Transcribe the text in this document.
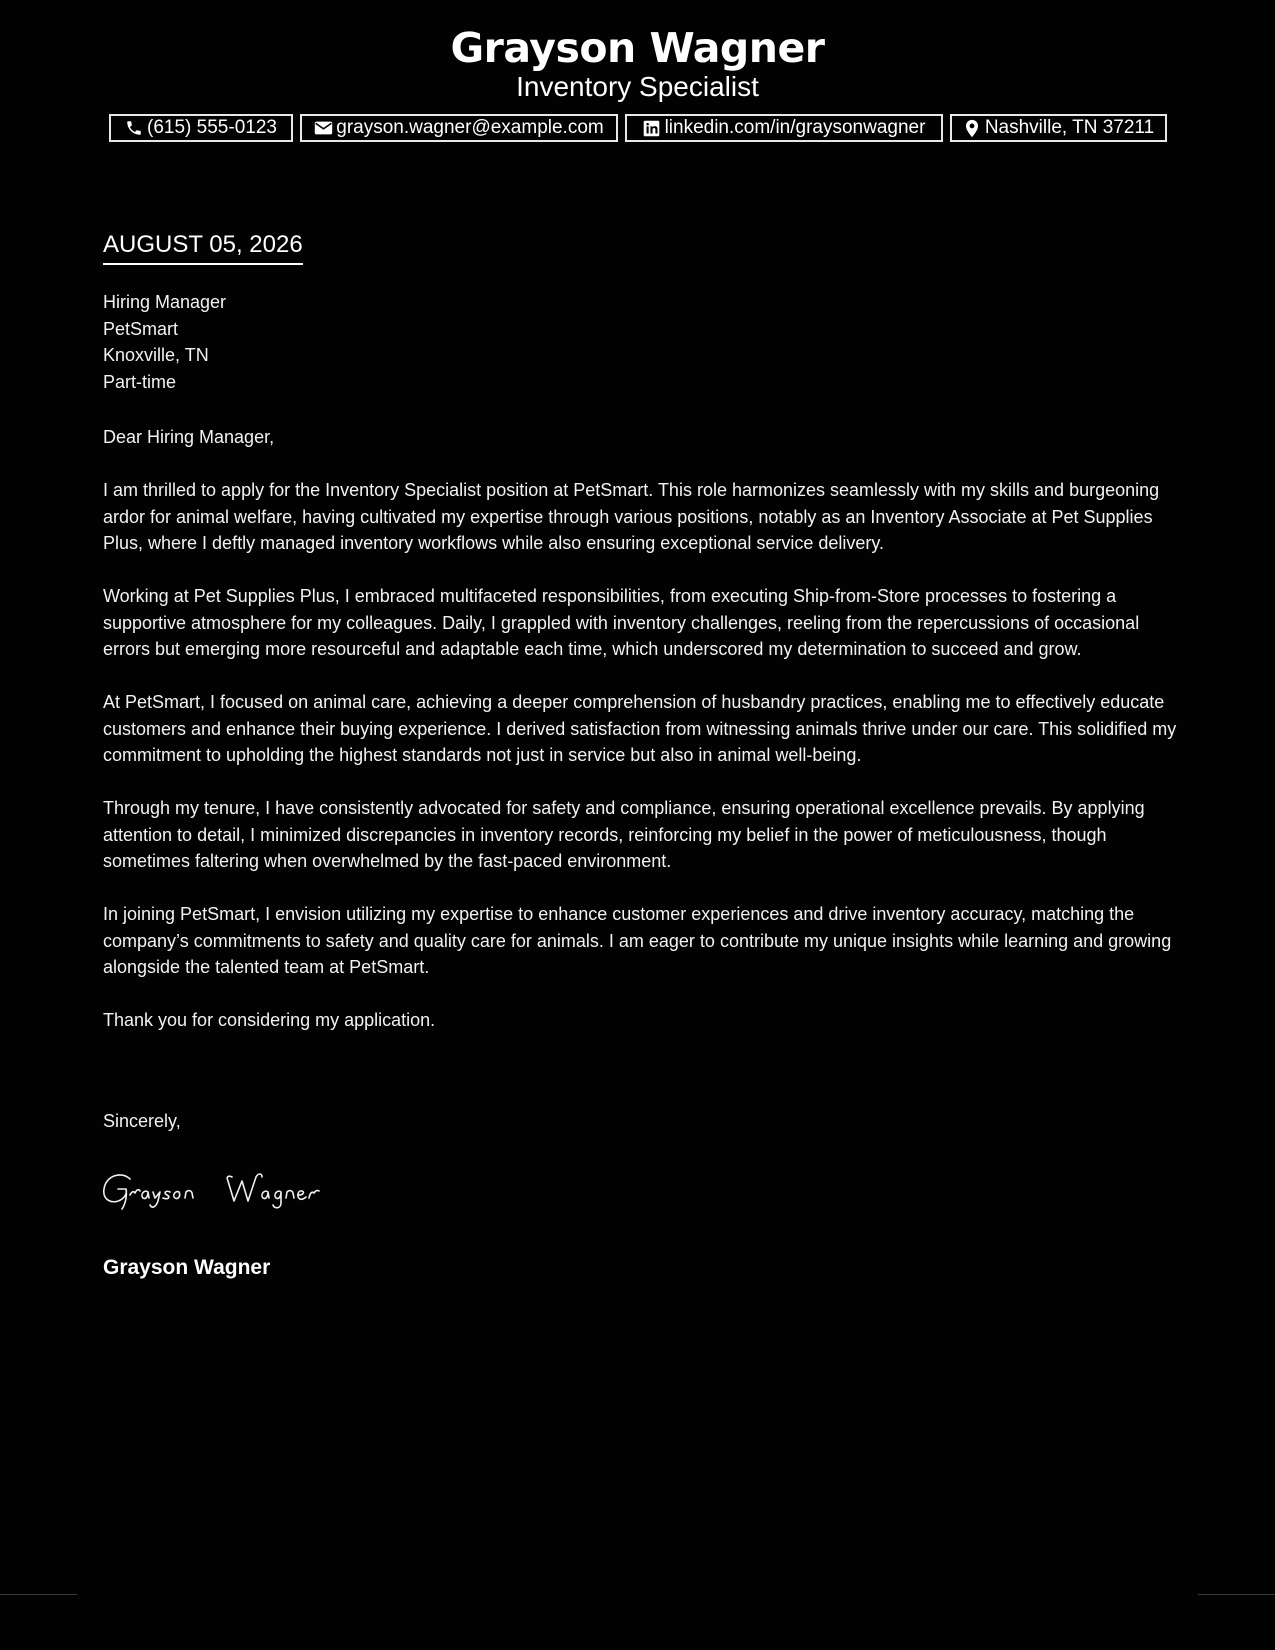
Grayson Wagner
Inventory Specialist
(615) 555-0123	grayson.wagner@example.com	linkedin.com/in/graysonwagner	Nashville, TN 37211
AUGUST 05, 2026
Hiring Manager
PetSmart
Knoxville, TN
Part-time

Dear Hiring Manager,

I am thrilled to apply for the Inventory Specialist position at PetSmart. This role harmonizes seamlessly with my skills and burgeoning ardor for animal welfare, having cultivated my expertise through various positions, notably as an Inventory Associate at Pet Supplies Plus, where I deftly managed inventory workflows while also ensuring exceptional service delivery.

Working at Pet Supplies Plus, I embraced multifaceted responsibilities, from executing Ship-from-Store processes to fostering a supportive atmosphere for my colleagues. Daily, I grappled with inventory challenges, reeling from the repercussions of occasional errors but emerging more resourceful and adaptable each time, which underscored my determination to succeed and grow.

At PetSmart, I focused on animal care, achieving a deeper comprehension of husbandry practices, enabling me to effectively educate customers and enhance their buying experience. I derived satisfaction from witnessing animals thrive under our care. This solidified my commitment to upholding the highest standards not just in service but also in animal well-being.

Through my tenure, I have consistently advocated for safety and compliance, ensuring operational excellence prevails. By applying attention to detail, I minimized discrepancies in inventory records, reinforcing my belief in the power of meticulousness, though sometimes faltering when overwhelmed by the fast-paced environment.

In joining PetSmart, I envision utilizing my expertise to enhance customer experiences and drive inventory accuracy, matching the company’s commitments to safety and quality care for animals. I am eager to contribute my unique insights while learning and growing alongside the talented team at PetSmart.

Thank you for considering my application.

Sincerely,
Grayson Wagner
